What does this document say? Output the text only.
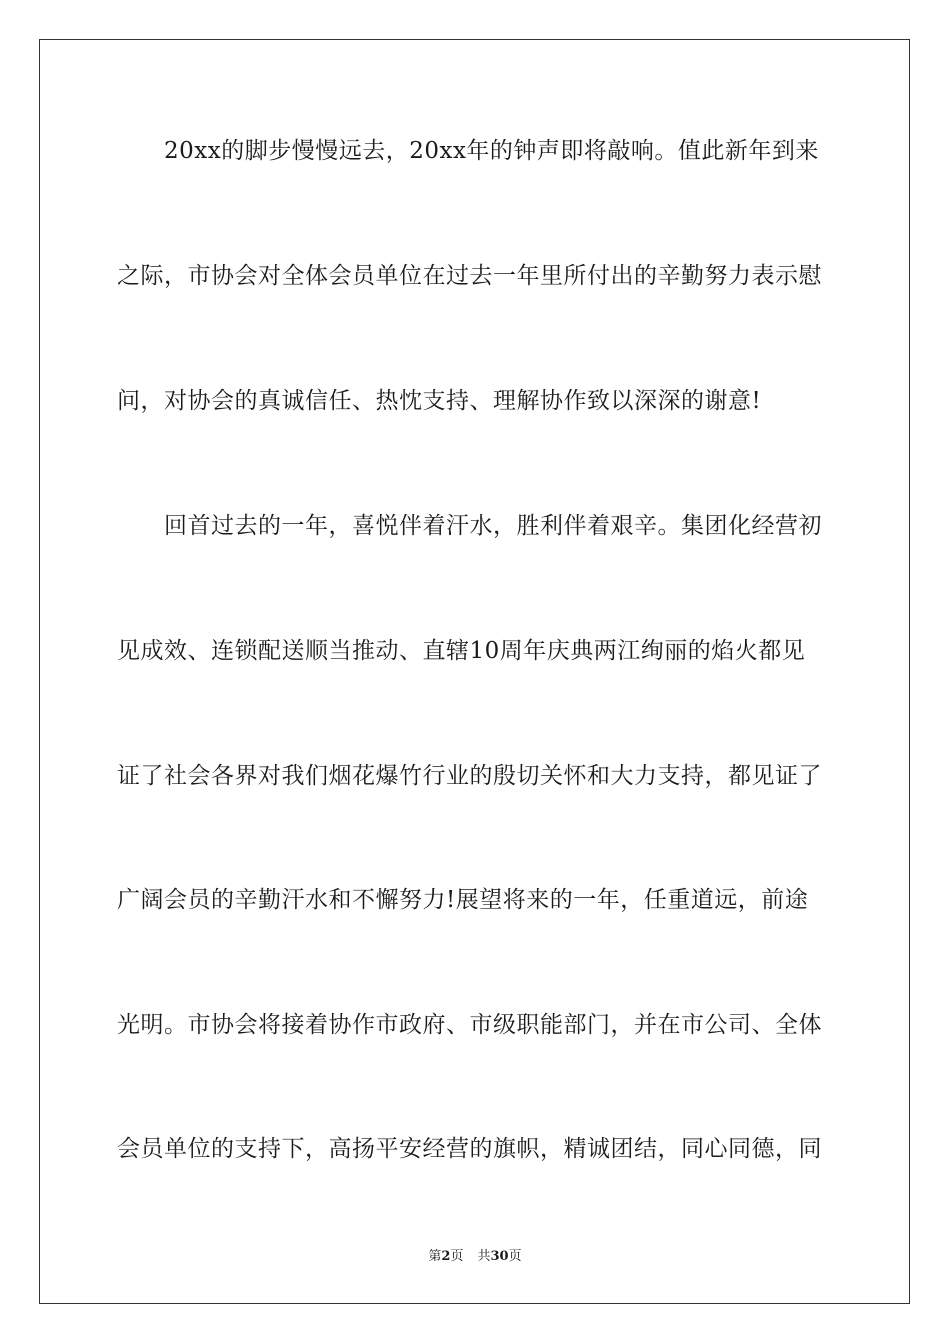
　　20xx的脚步慢慢远去，20xx年的钟声即将敲响。值此新年到来
之际，市协会对全体会员单位在过去一年里所付出的辛勤努力表示慰
问，对协会的真诚信任、热忱支持、理解协作致以深深的谢意!
　　回首过去的一年，喜悦伴着汗水，胜利伴着艰辛。集团化经营初
见成效、连锁配送顺当推动、直辖10周年庆典两江绚丽的焰火都见
证了社会各界对我们烟花爆竹行业的殷切关怀和大力支持，都见证了
广阔会员的辛勤汗水和不懈努力!展望将来的一年，任重道远，前途
光明。市协会将接着协作市政府、市级职能部门，并在市公司、全体
会员单位的支持下，高扬平安经营的旗帜，精诚团结，同心同德，同
第2页 共30页
